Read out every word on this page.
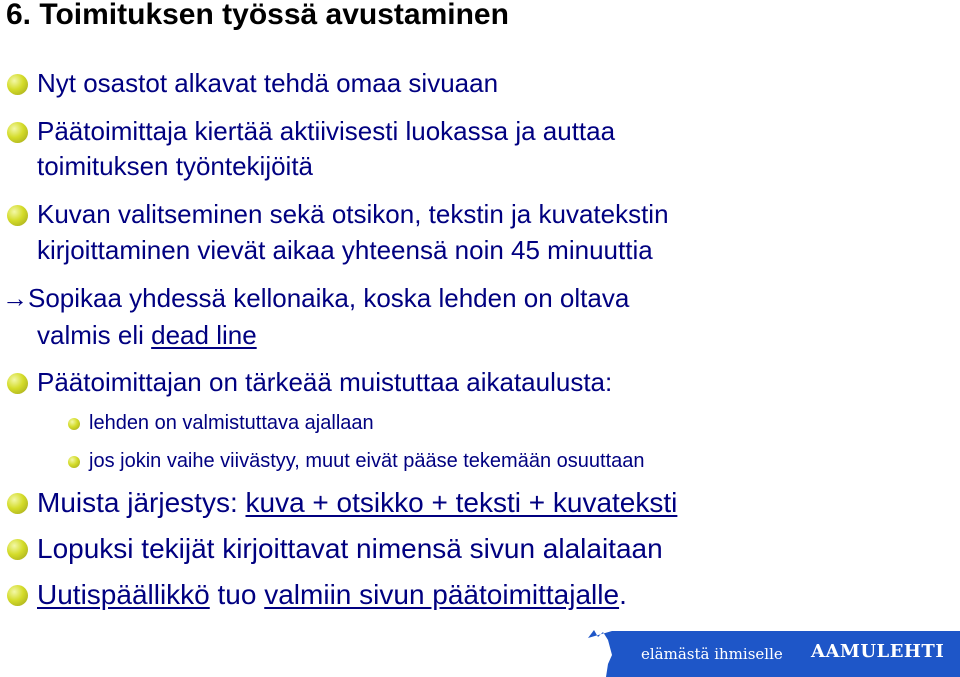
6. Toimituksen työssä avustaminen
Nyt osastot alkavat tehdä omaa sivuaan
Päätoimittaja kiertää aktiivisesti luokassa ja auttaa
toimituksen työntekijöitä
Kuvan valitseminen sekä otsikon, tekstin ja kuvatekstin
kirjoittaminen vievät aikaa yhteensä noin 45 minuuttia
→Sopikaa yhdessä kellonaika, koska lehden on oltava
valmis eli dead line
Päätoimittajan on tärkeää muistuttaa aikataulusta:
lehden on valmistuttava ajallaan
jos jokin vaihe viivästyy, muut eivät pääse tekemään osuuttaan
Muista järjestys: kuva + otsikko + teksti + kuvateksti
Lopuksi tekijät kirjoittavat nimensä sivun alalaitaan
Uutispäällikkö tuo valmiin sivun päätoimittajalle.
elämästä ihmiselle AAMULEHTI
